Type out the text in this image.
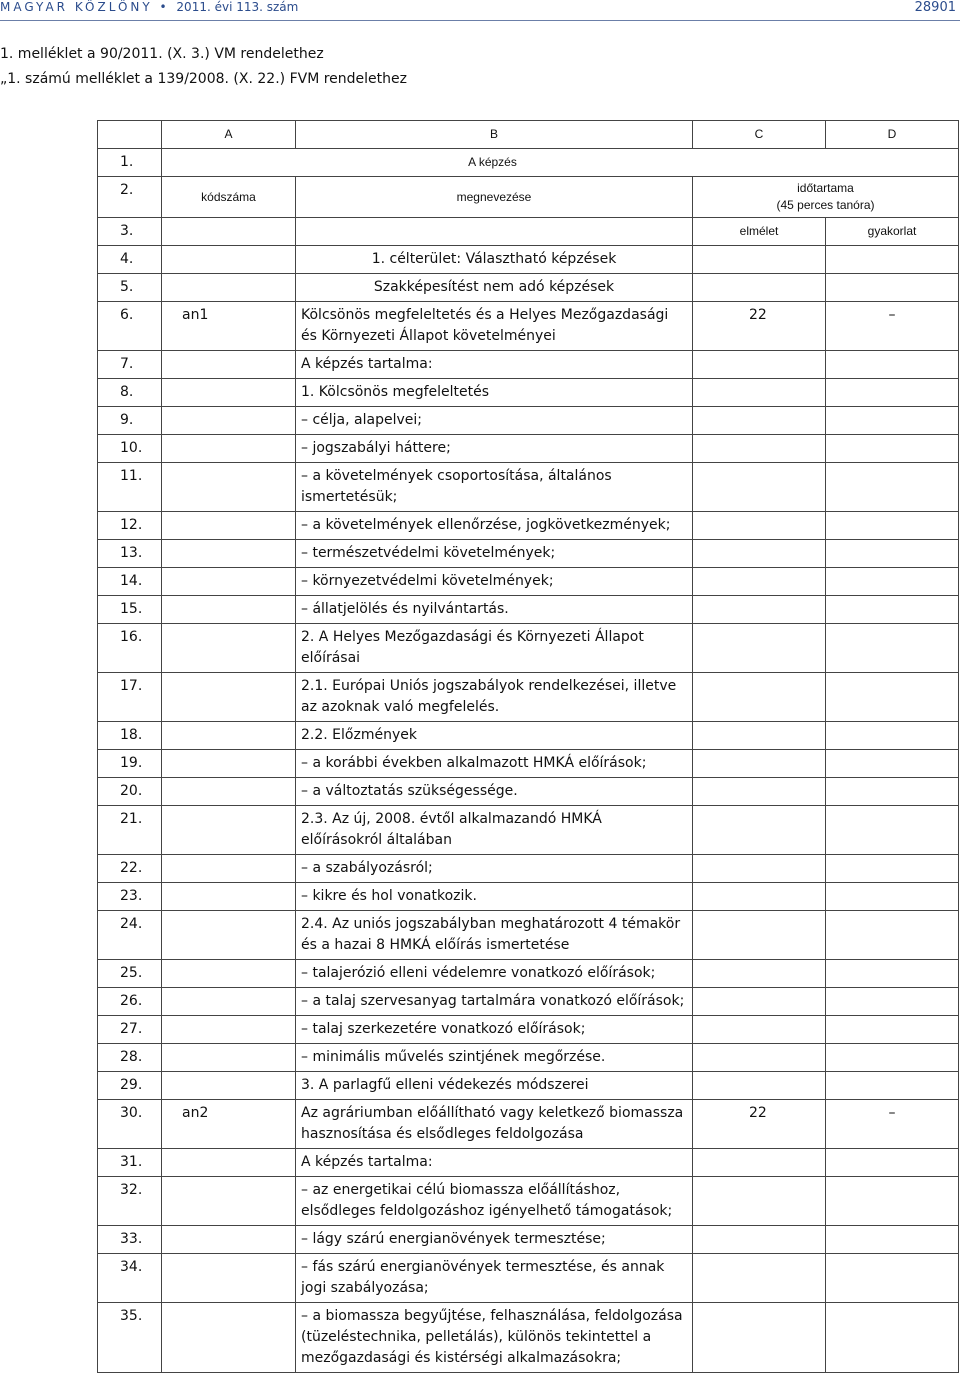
MAGYAR KÖZLÖNY • 2011. évi 113. szám	28901
1. melléklet a 90/2011. (X. 3.) VM rendelethez
„1. számú melléklet a 139/2008. (X. 22.) FVM rendelethez
	A	B	C	D
1.	A képzés			
2.	kódszáma	megnevezése	időtartama
(45 perces tanóra)	
3.			elmélet	gyakorlat
4.		1. célterület: Választható képzések		
5.		Szakképesítést nem adó képzések		
6.	an1	Kölcsönös megfeleltetés és a Helyes Mezőgazdasági és Környezeti Állapot követelményei	22	–
7.		A képzés tartalma:		
8.		1. Kölcsönös megfeleltetés		
9.		– célja, alapelvei;		
10.		– jogszabályi háttere;		
11.		– a követelmények csoportosítása, általános ismertetésük;		
12.		– a követelmények ellenőrzése, jogkövetkezmények;		
13.		– természetvédelmi követelmények;		
14.		– környezetvédelmi követelmények;		
15.		– állatjelölés és nyilvántartás.		
16.		2. A Helyes Mezőgazdasági és Környezeti Állapot előírásai		
17.		2.1. Európai Uniós jogszabályok rendelkezései, illetve az azoknak való megfelelés.		
18.		2.2. Előzmények		
19.		– a korábbi években alkalmazott HMKÁ előírások;		
20.		– a változtatás szükségessége.		
21.		2.3. Az új, 2008. évtől alkalmazandó HMKÁ előírásokról általában		
22.		– a szabályozásról;		
23.		– kikre és hol vonatkozik.		
24.		2.4. Az uniós jogszabályban meghatározott 4 témakör és a hazai 8 HMKÁ előírás ismertetése		
25.		– talajerózió elleni védelemre vonatkozó előírások;		
26.		– a talaj szervesanyag tartalmára vonatkozó előírások;		
27.		– talaj szerkezetére vonatkozó előírások;		
28.		– minimális művelés szintjének megőrzése.		
29.		3. A parlagfű elleni védekezés módszerei		
30.	an2	Az agráriumban előállítható vagy keletkező biomassza hasznosítása és elsődleges feldolgozása	22	–
31.		A képzés tartalma:		
32.		– az energetikai célú biomassza előállításhoz, elsődleges feldolgozáshoz igényelhető támogatások;		
33.		– lágy szárú energianövények termesztése;		
34.		– fás szárú energianövények termesztése, és annak jogi szabályozása;		
35.		– a biomassza begyűjtése, felhasználása, feldolgozása (tüzeléstechnika, pelletálás), különös tekintettel a mezőgazdasági és kistérségi alkalmazásokra;		
